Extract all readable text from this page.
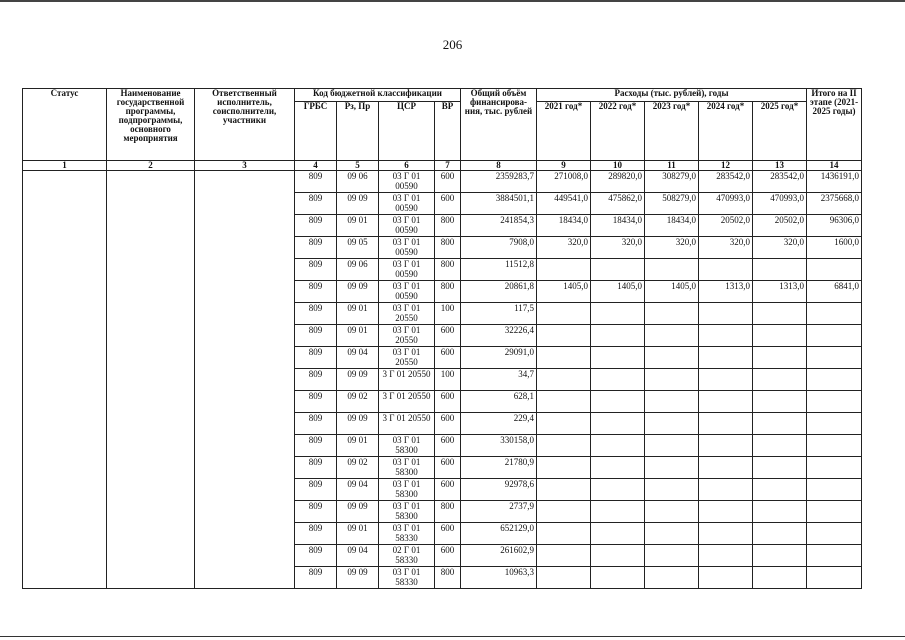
206
Статус	Наименование государственной программы, подпрограммы, основного мероприятия	Ответственный исполнитель, соисполнители, участники	Код бюджетной классификации				Общий объём финансирова-ния, тыс. рублей	Расходы (тыс. рублей), годы					Итого на II этапе (2021-2025 годы)
			ГРБС	Рз, Пр	ЦСР	ВР		2021 год*	2022 год*	2023 год*	2024 год*	2025 год*	
1	2	3	4	5	6	7	8	9	10	11	12	13	14
			809	09 06	03 Г 01 00590	600	2359283,7	271008,0	289820,0	308279,0	283542,0	283542,0	1436191,0
			809	09 09	03 Г 01 00590	600	3884501,1	449541,0	475862,0	508279,0	470993,0	470993,0	2375668,0
			809	09 01	03 Г 01 00590	800	241854,3	18434,0	18434,0	18434,0	20502,0	20502,0	96306,0
			809	09 05	03 Г 01 00590	800	7908,0	320,0	320,0	320,0	320,0	320,0	1600,0
			809	09 06	03 Г 01 00590	800	11512,8						
			809	09 09	03 Г 01 00590	800	20861,8	1405,0	1405,0	1405,0	1313,0	1313,0	6841,0
			809	09 01	03 Г 01 20550	100	117,5						
			809	09 01	03 Г 01 20550	600	32226,4						
			809	09 04	03 Г 01 20550	600	29091,0						
			809	09 09	3 Г 01 20550	100	34,7						
			809	09 02	3 Г 01 20550	600	628,1						
			809	09 09	3 Г 01 20550	600	229,4						
			809	09 01	03 Г 01 58300	600	330158,0						
			809	09 02	03 Г 01 58300	600	21780,9						
			809	09 04	03 Г 01 58300	600	92978,6						
			809	09 09	03 Г 01 58300	800	2737,9						
			809	09 01	03 Г 01 58330	600	652129,0						
			809	09 04	02 Г 01 58330	600	261602,9						
			809	09 09	03 Г 01 58330	800	10963,3						
